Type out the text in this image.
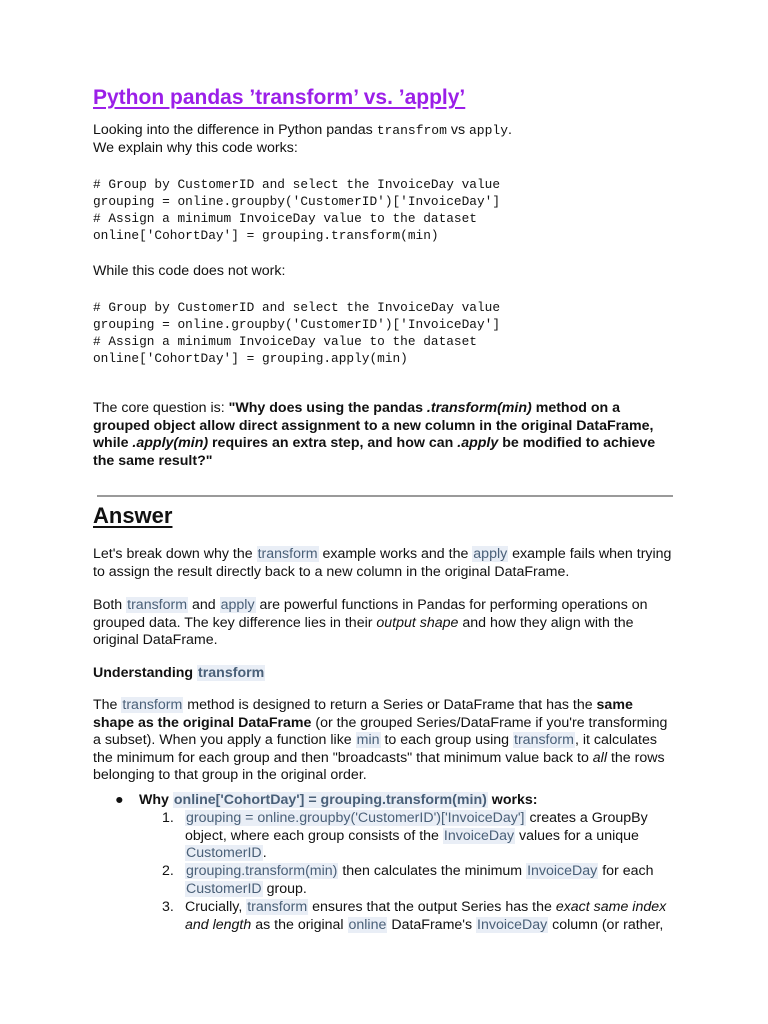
Python pandas ’transform’ vs. ’apply’

Looking into the difference in Python pandas transfrom vs apply.
We explain why this code works:

# Group by CustomerID and select the InvoiceDay value
grouping = online.groupby('CustomerID')['InvoiceDay']
# Assign a minimum InvoiceDay value to the dataset
online['CohortDay'] = grouping.transform(min)

While this code does not work:

# Group by CustomerID and select the InvoiceDay value
grouping = online.groupby('CustomerID')['InvoiceDay']
# Assign a minimum InvoiceDay value to the dataset
online['CohortDay'] = grouping.apply(min)

The core question is: "Why does using the pandas .transform(min) method on a grouped object allow direct assignment to a new column in the original DataFrame, while .apply(min) requires an extra step, and how can .apply be modified to achieve the same result?"

Answer

Let's break down why the transform example works and the apply example fails when trying to assign the result directly back to a new column in the original DataFrame.

Both transform and apply are powerful functions in Pandas for performing operations on grouped data. The key difference lies in their output shape and how they align with the original DataFrame.

Understanding transform

The transform method is designed to return a Series or DataFrame that has the same shape as the original DataFrame (or the grouped Series/DataFrame if you're transforming a subset). When you apply a function like min to each group using transform, it calculates the minimum for each group and then "broadcasts" that minimum value back to all the rows belonging to that group in the original order.

● Why online['CohortDay'] = grouping.transform(min) works:
1. grouping = online.groupby('CustomerID')['InvoiceDay'] creates a GroupBy object, where each group consists of the InvoiceDay values for a unique CustomerID.
2. grouping.transform(min) then calculates the minimum InvoiceDay for each CustomerID group.
3. Crucially, transform ensures that the output Series has the exact same index and length as the original online DataFrame's InvoiceDay column (or rather,
